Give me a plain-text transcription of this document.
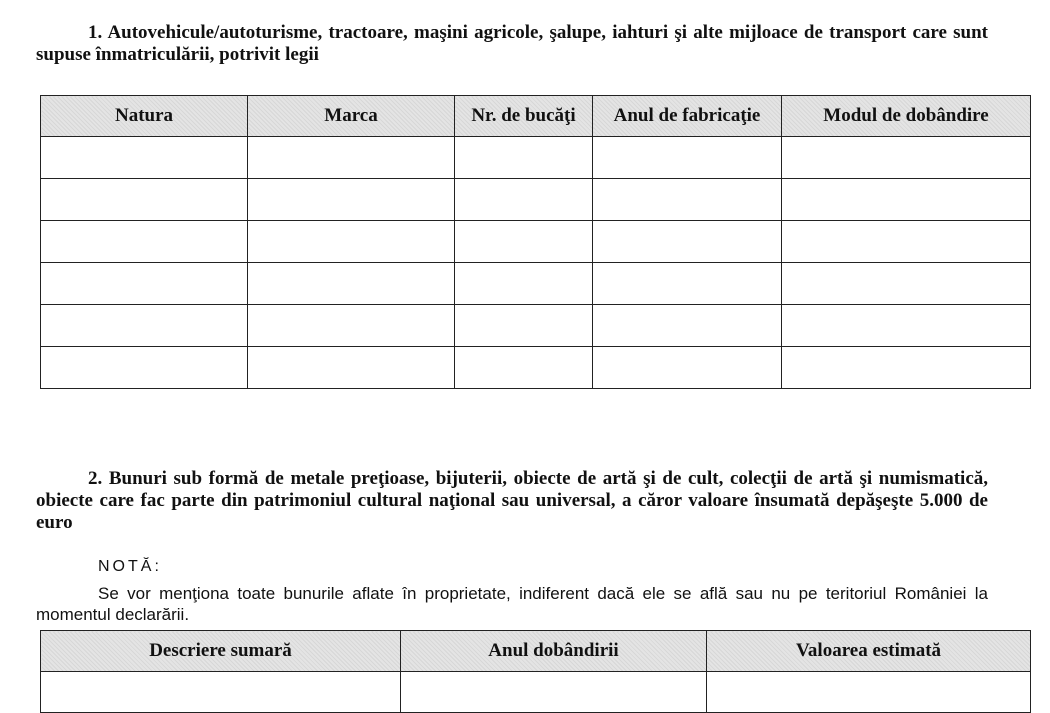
1. Autovehicule/autoturisme, tractoare, maşini agricole, şalupe, iahturi şi alte mijloace de transport care sunt supuse înmatriculării, potrivit legii

Natura	Marca	Nr. de bucăţi	Anul de fabricaţie	Modul de dobândire

2. Bunuri sub formă de metale preţioase, bijuterii, obiecte de artă şi de cult, colecţii de artă şi numismatică, obiecte care fac parte din patrimoniul cultural naţional sau universal, a căror valoare însumată depăşeşte 5.000 de euro

NOTĂ:

Se vor menţiona toate bunurile aflate în proprietate, indiferent dacă ele se află sau nu pe teritoriul României la momentul declarării.

Descriere sumară	Anul dobândirii	Valoarea estimată
